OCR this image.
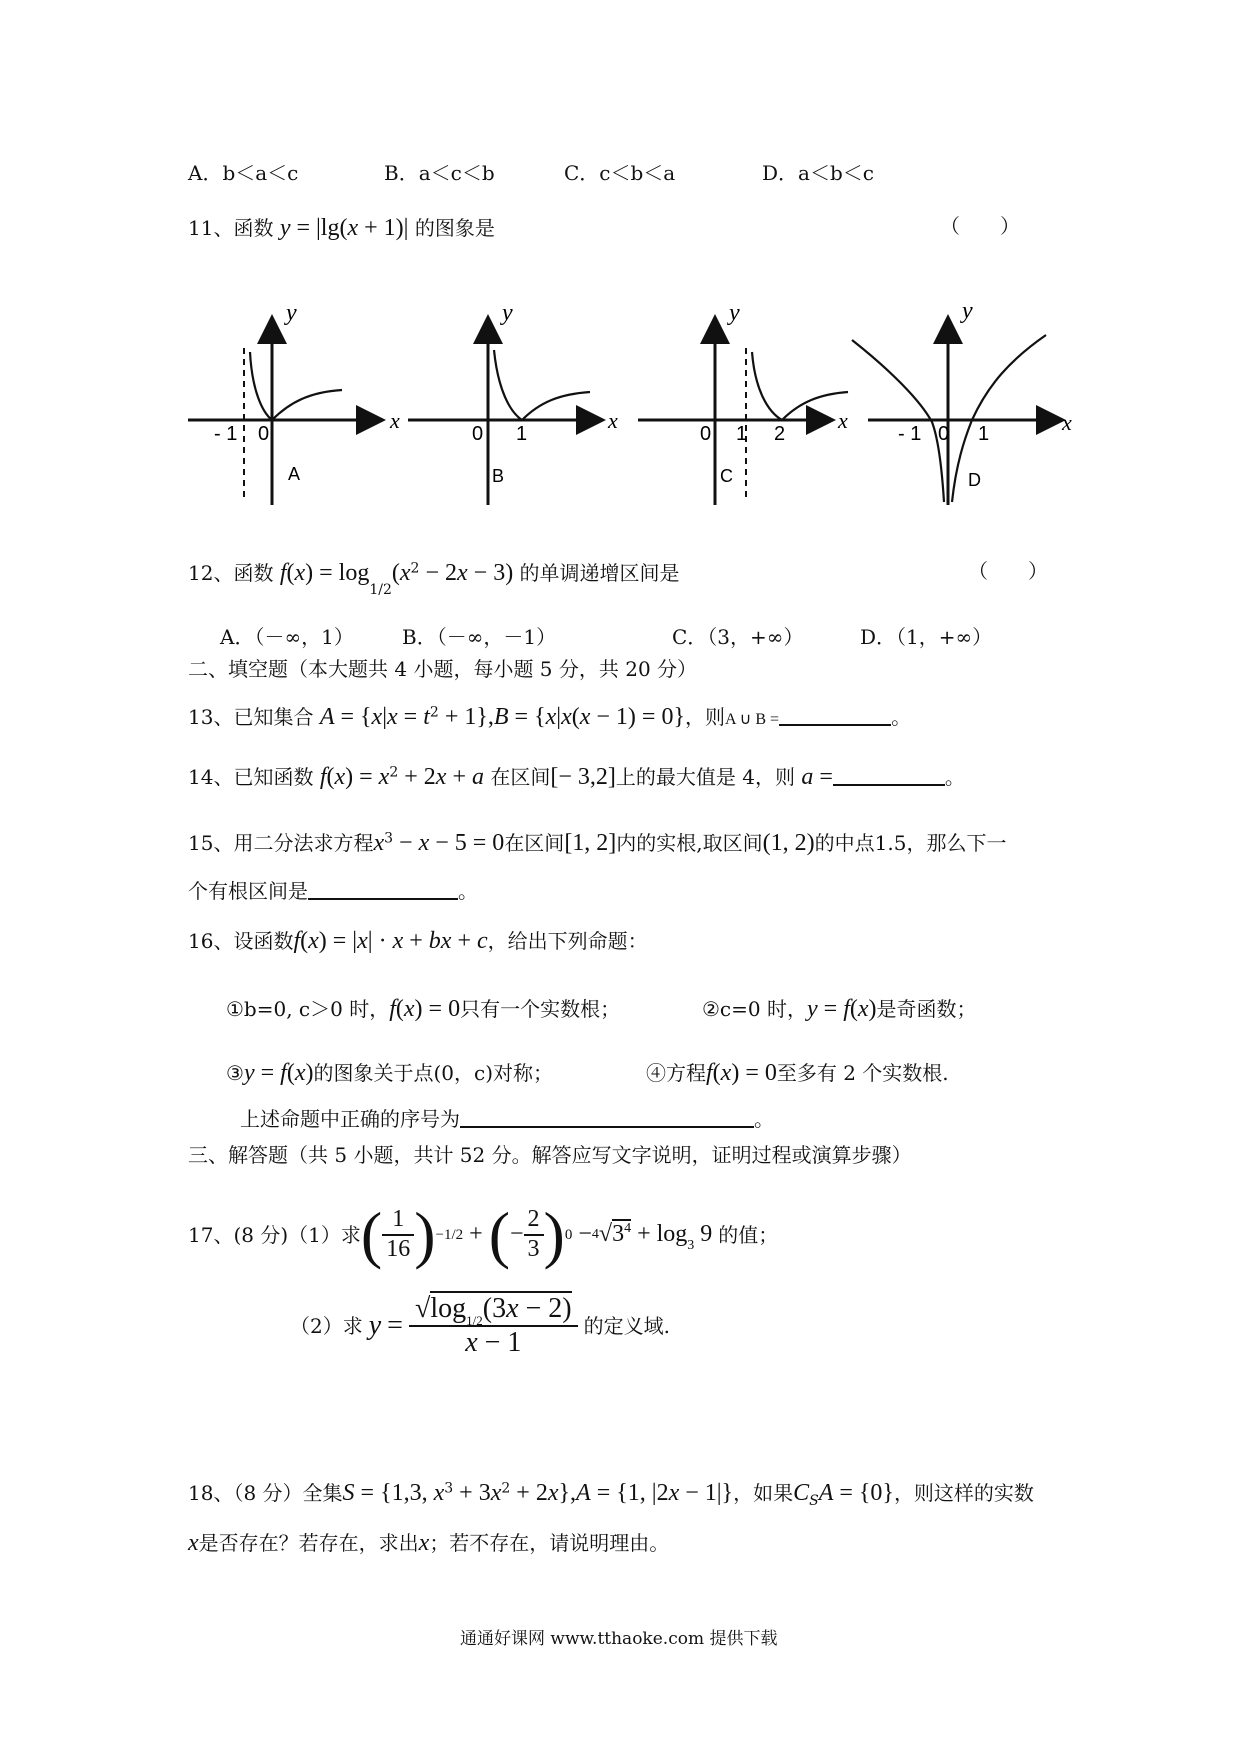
A．b＜a＜c	B．a＜c＜b	C．c＜b＜a	D．a＜b＜c
11、函数 y = |lg(x + 1)| 的图象是	（　　）
- 1 0
x
y
A
0 1
x
y
B
0 1 2
x
y
C
- 1 0 1	x
y
D
12、函数 $f(x) = \log_{1/2}(x^2 - 2x - 3)$ 的单调递增区间是	（　　）
A．（－∞，1） B．（－∞，－1）	C．（3，+∞）	D．（1，+∞）
二、填空题（本大题共 4 小题，每小题 5 分，共 20 分）
13、已知集合 $A = \{x|x = t^2 + 1\},B = \{x|x(x - 1) = 0\}$，则A ∪ B =	。
14、已知函数 $f(x) = x^2 + 2x + a$ 在区间[− 3,2]上的最大值是 4，则 a =	。
15、用二分法求方程$x^3 - x - 5 = 0$在区间[1, 2]内的实根,取区间(1, 2)的中点1.5，那么下一
个有根区间是	。
16、设函数f(x) = |x| · x + bx + c，给出下列命题：
①b=0, c＞0 时，f(x) = 0只有一个实数根；	②c=0 时，y = f(x)是奇函数；
③y = f(x)的图象关于点(0，c)对称；	④方程f(x) = 0至多有 2 个实数根.
上述命题中正确的序号为	。
三、解答题（共 5 小题，共计 52 分。解答应写文字说明，证明过程或演算步骤）
17、(8 分)（1）求 ( $\frac{1}{16}$ ) −1/2 + ( − $\frac{2}{3}$ ) 0 − 4 $√3^4 + \log_3 9$ 的值；
（2）求 $y = \frac{√\log_{1/2}(3x - 2)}{x - 1}$ 的定义域.
18、（8 分）全集S = {1,3, $x^3 + 3x^2 + 2x\},A = \{1$, |2x − 1|}，如果$C_SA = \{0\}$，则这样的实数
x是否存在？若存在，求出x；若不存在，请说明理由。
通通好课网 www.tthaoke.com 提供下载
